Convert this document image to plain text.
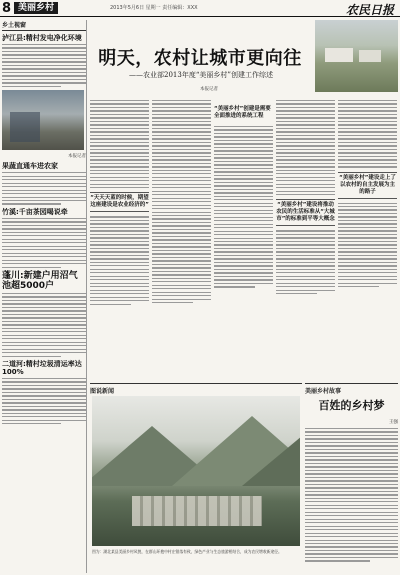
8 美丽乡村	2013年5月6日 星期一 责任编辑：XXX	农民日报
乡土视窗
泸江县:精村发电净化环境
本报记者
果蔬直通车进农家
竹溪:千亩茶园喝说牵
蓬川:新建户用沼气池超5000户
二道河:精村垃圾清运率达100%
明天，农村让城市更向往
——农业部2013年度“美丽乡村”创建工作综述
本报记者
“天天天蓝的时候，期望这座建设是农业经济的”
“美丽乡村”创建是需要全面推进的系统工程
“美丽乡村”建设将推动农民的生活标准从“大城市”的标准到平等大概念
“美丽乡村”建设走上了以农村的自主发展为主的路子
图说新闻
图为：湖北某县美丽乡村风貌，在群山环抱中村庄错落有致，绿色产业与生态旅游相结合，成为农民增收新途径。
美丽乡村故事
百姓的乡村梦
王强
